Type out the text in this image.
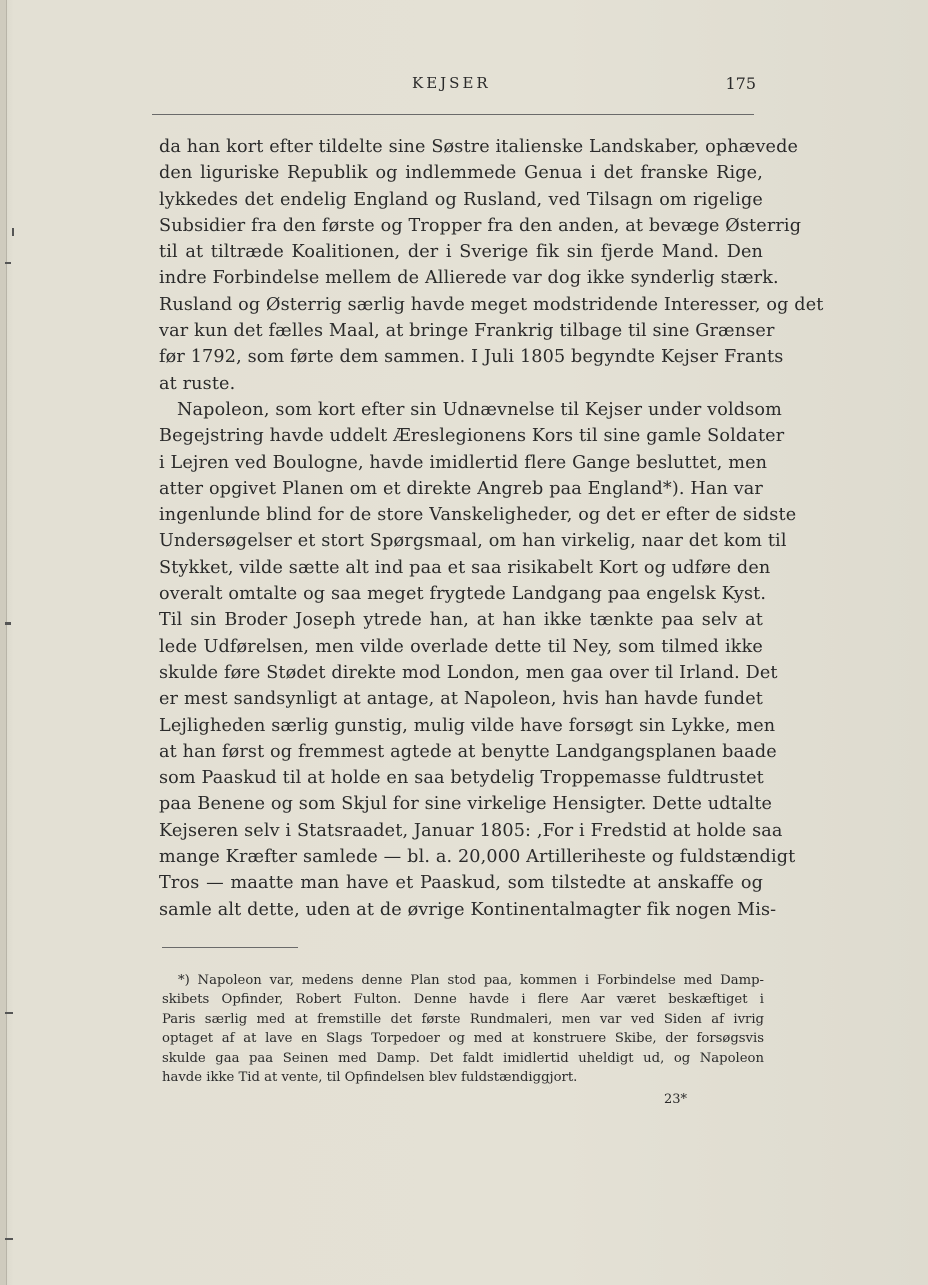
KEJSER	175
da han kort efter tildelte sine Søstre italienske Landskaber, ophævede
den liguriske Republik og indlemmede Genua i det franske Rige,
lykkedes det endelig England og Rusland, ved Tilsagn om rigelige
Subsidier fra den første og Tropper fra den anden, at bevæge Østerrig
til at tiltræde Koalitionen, der i Sverige fik sin fjerde Mand. Den
indre Forbindelse mellem de Allierede var dog ikke synderlig stærk.
Rusland og Østerrig særlig havde meget modstridende Interesser, og det
var kun det fælles Maal, at bringe Frankrig tilbage til sine Grænser
før 1792, som førte dem sammen. I Juli 1805 begyndte Kejser Frants
at ruste.
Napoleon, som kort efter sin Udnævnelse til Kejser under voldsom
Begejstring havde uddelt Æreslegionens Kors til sine gamle Soldater
i Lejren ved Boulogne, havde imidlertid flere Gange besluttet, men
atter opgivet Planen om et direkte Angreb paa England*). Han var
ingenlunde blind for de store Vanskeligheder, og det er efter de sidste
Undersøgelser et stort Spørgsmaal, om han virkelig, naar det kom til
Stykket, vilde sætte alt ind paa et saa risikabelt Kort og udføre den
overalt omtalte og saa meget frygtede Landgang paa engelsk Kyst.
Til sin Broder Joseph ytrede han, at han ikke tænkte paa selv at
lede Udførelsen, men vilde overlade dette til Ney, som tilmed ikke
skulde føre Stødet direkte mod London, men gaa over til Irland. Det
er mest sandsynligt at antage, at Napoleon, hvis han havde fundet
Lejligheden særlig gunstig, mulig vilde have forsøgt sin Lykke, men
at han først og fremmest agtede at benytte Landgangsplanen baade
som Paaskud til at holde en saa betydelig Troppemasse fuldtrustet
paa Benene og som Skjul for sine virkelige Hensigter. Dette udtalte
Kejseren selv i Statsraadet, Januar 1805: ,For i Fredstid at holde saa
mange Kræfter samlede — bl. a. 20,000 Artilleriheste og fuldstændigt
Tros — maatte man have et Paaskud, som tilstedte at anskaffe og
samle alt dette, uden at de øvrige Kontinentalmagter fik nogen Mis-
*) Napoleon var, medens denne Plan stod paa, kommen i Forbindelse med Damp-
skibets Opfinder, Robert Fulton. Denne havde i flere Aar været beskæftiget i
Paris særlig med at fremstille det første Rundmaleri, men var ved Siden af ivrig
optaget af at lave en Slags Torpedoer og med at konstruere Skibe, der forsøgsvis
skulde gaa paa Seinen med Damp. Det faldt imidlertid uheldigt ud, og Napoleon
havde ikke Tid at vente, til Opfindelsen blev fuldstændiggjort.
23*
